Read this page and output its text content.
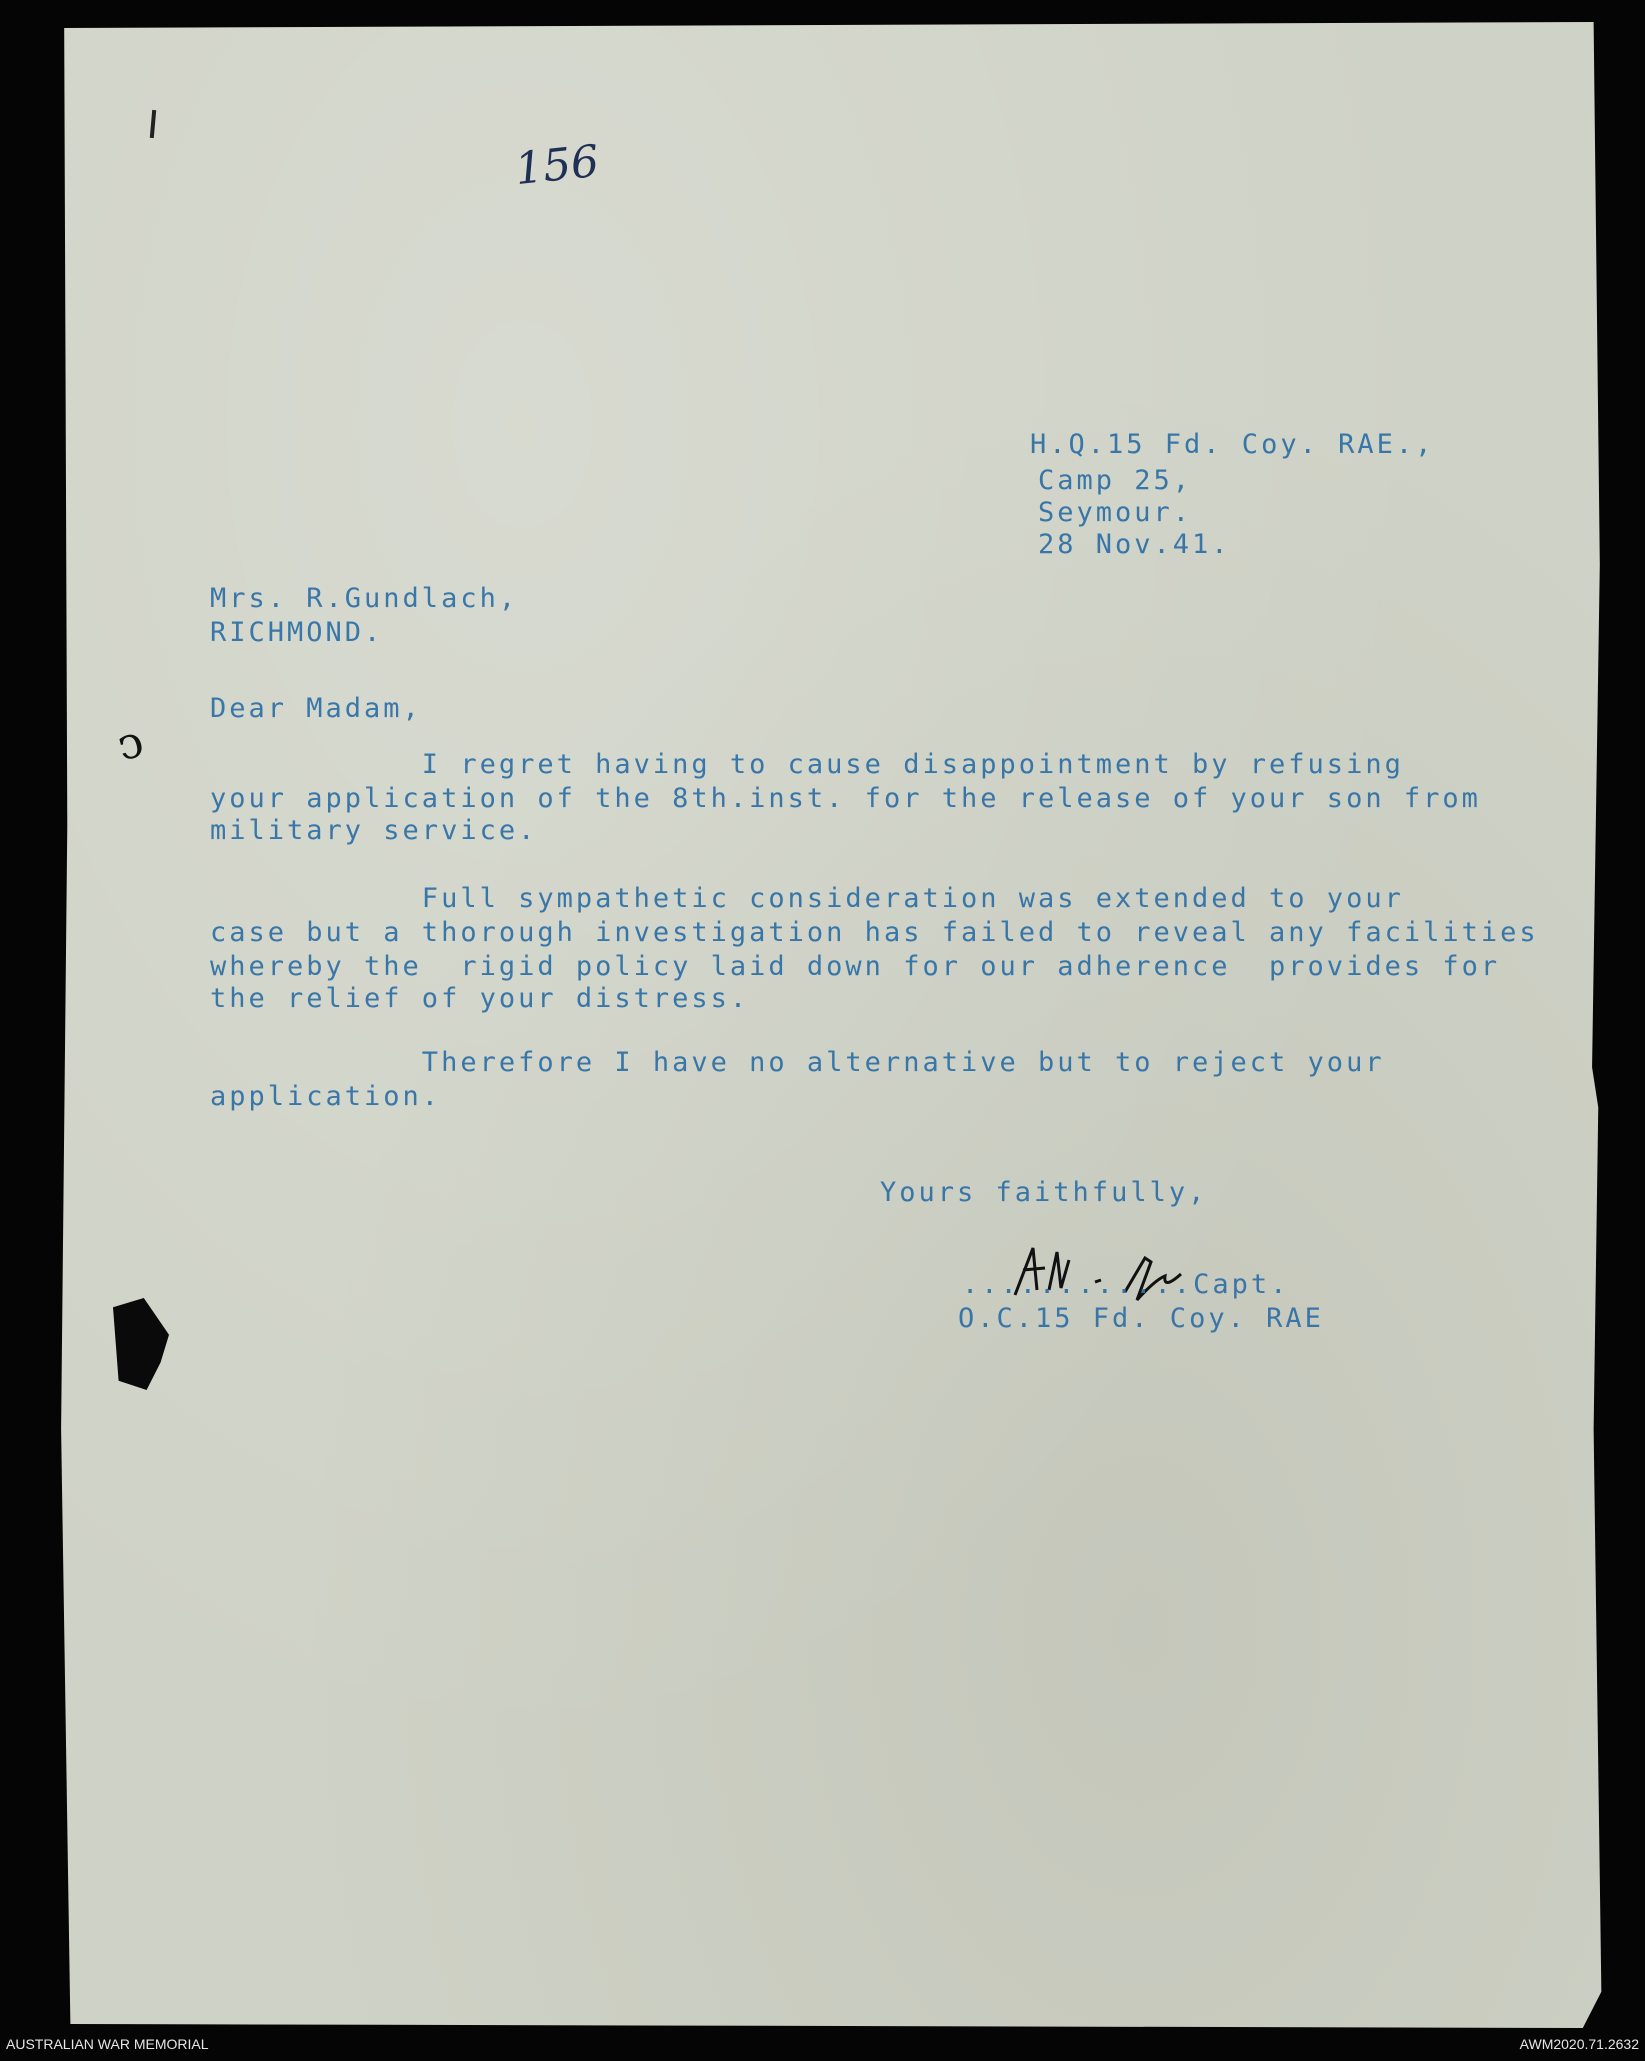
156
ↄ
H.Q.15 Fd. Coy. RAE.,
Camp 25,
Seymour.
28 Nov.41.
Mrs. R.Gundlach,
RICHMOND.
Dear Madam,
I regret having to cause disappointment by refusing
your application of the 8th.inst. for the release of your son from
military service.
Full sympathetic consideration was extended to your
case but a thorough investigation has failed to reveal any facilities
whereby the  rigid policy laid down for our adherence  provides for
the relief of your distress.
Therefore I have no alternative but to reject your
application.
Yours faithfully,
............Capt.
O.C.15 Fd. Coy. RAE
AUSTRALIAN WAR MEMORIAL	AWM2020.71.2632
